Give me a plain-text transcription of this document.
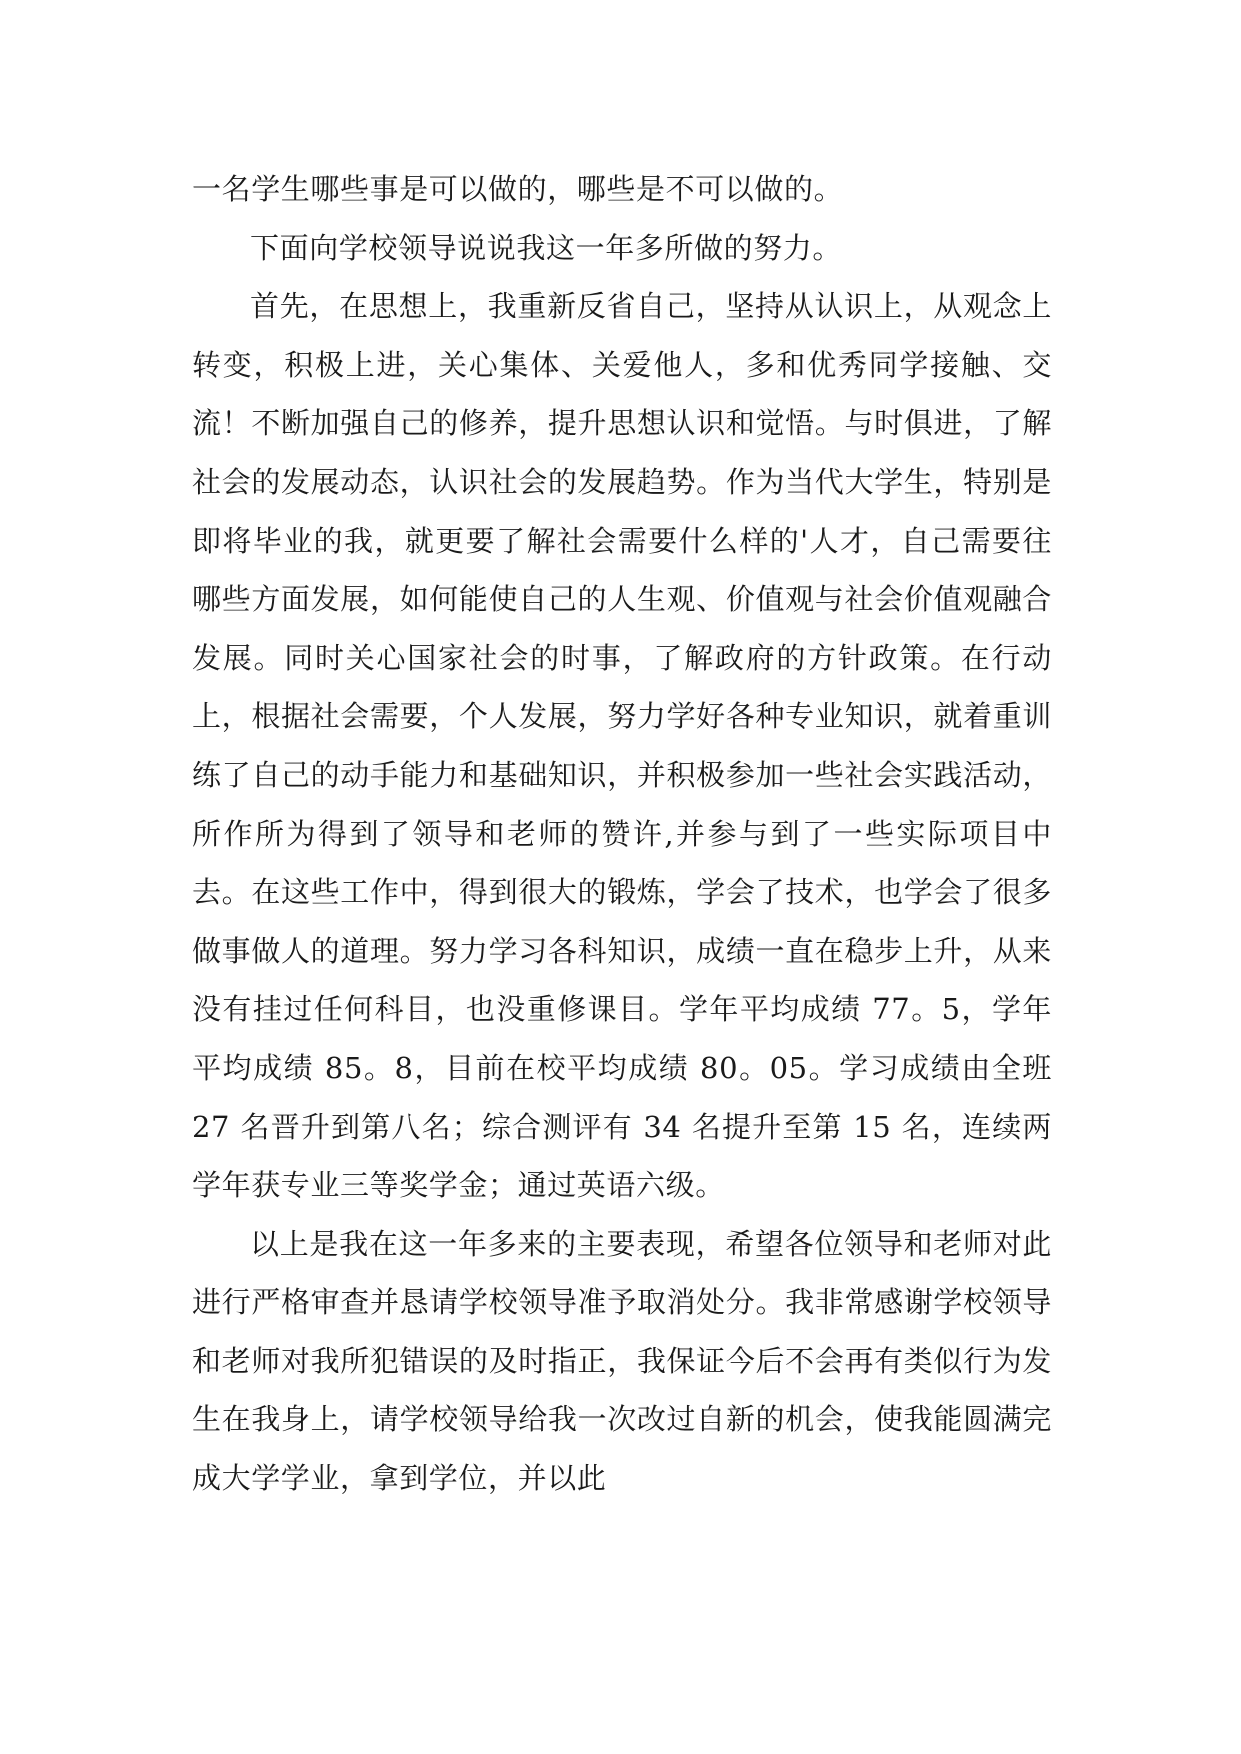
一名学生哪些事是可以做的，哪些是不可以做的。

下面向学校领导说说我这一年多所做的努力。

首先，在思想上，我重新反省自己，坚持从认识上，从观念上转变，积极上进，关心集体、关爱他人，多和优秀同学接触、交流！不断加强自己的修养，提升思想认识和觉悟。与时俱进，了解社会的发展动态，认识社会的发展趋势。作为当代大学生，特别是即将毕业的我，就更要了解社会需要什么样的'人才，自己需要往哪些方面发展，如何能使自己的人生观、价值观与社会价值观融合发展。同时关心国家社会的时事，了解政府的方针政策。在行动上，根据社会需要，个人发展，努力学好各种专业知识，就着重训练了自己的动手能力和基础知识，并积极参加一些社会实践活动，所作所为得到了领导和老师的赞许,并参与到了一些实际项目中去。在这些工作中，得到很大的锻炼，学会了技术，也学会了很多做事做人的道理。努力学习各科知识，成绩一直在稳步上升，从来没有挂过任何科目，也没重修课目。学年平均成绩 77。5，学年平均成绩 85。8，目前在校平均成绩 80。05。学习成绩由全班 27 名晋升到第八名；综合测评有 34 名提升至第 15 名，连续两学年获专业三等奖学金；通过英语六级。

以上是我在这一年多来的主要表现，希望各位领导和老师对此进行严格审查并恳请学校领导准予取消处分。我非常感谢学校领导和老师对我所犯错误的及时指正，我保证今后不会再有类似行为发生在我身上，请学校领导给我一次改过自新的机会，使我能圆满完成大学学业，拿到学位，并以此
